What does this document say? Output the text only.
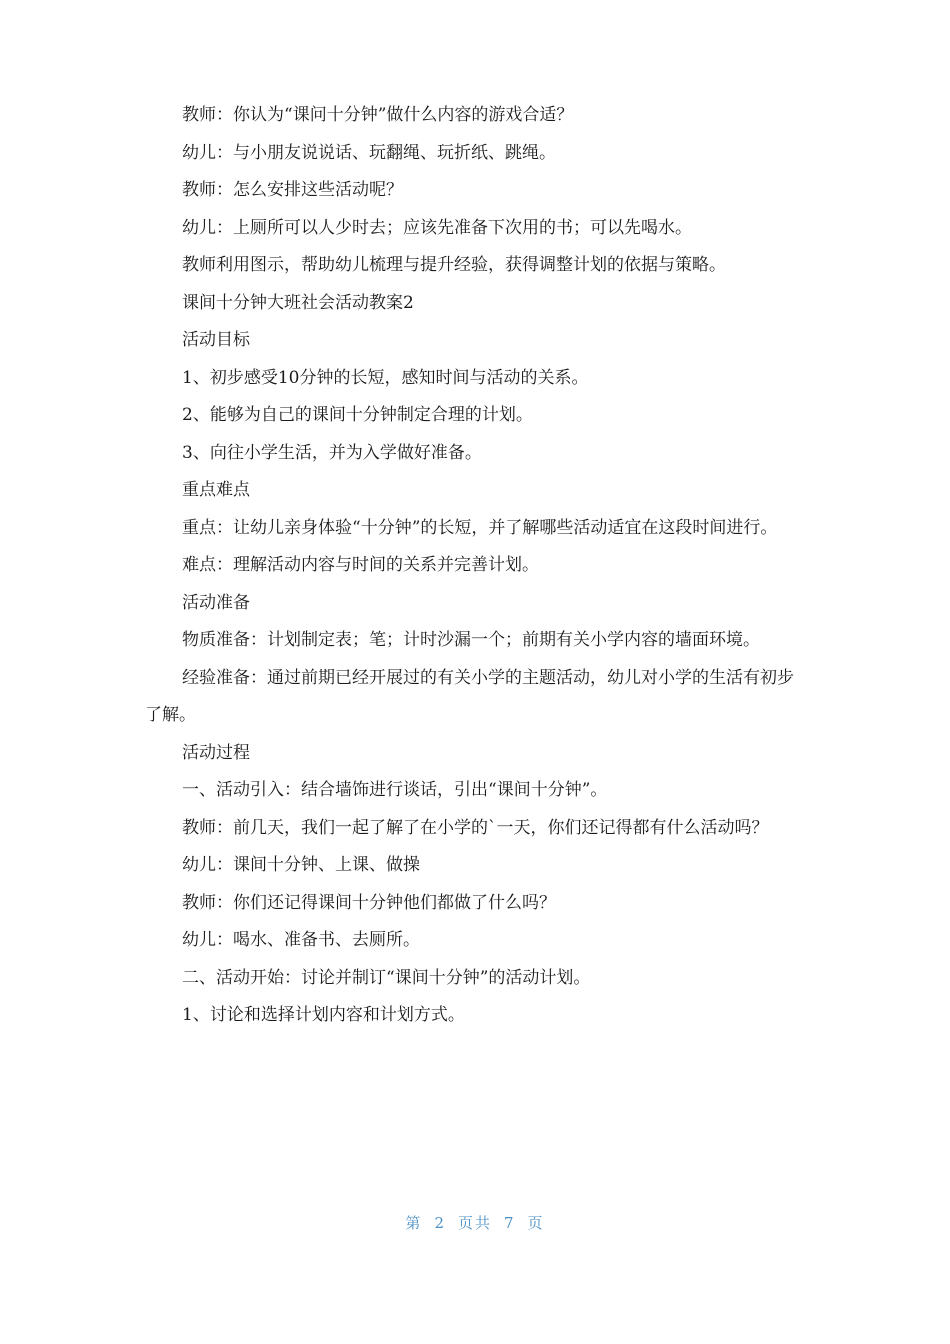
教师：你认为“课问十分钟”做什么内容的游戏合适？

幼儿：与小朋友说说话、玩翻绳、玩折纸、跳绳。

教师：怎么安排这些活动呢？

幼儿：上厕所可以人少时去；应该先准备下次用的书；可以先喝水。

教师利用图示，帮助幼儿梳理与提升经验，获得调整计划的依据与策略。

课间十分钟大班社会活动教案2

活动目标

1、初步感受10分钟的长短，感知时间与活动的关系。

2、能够为自己的课间十分钟制定合理的计划。

3、向往小学生活，并为入学做好准备。

重点难点

重点：让幼儿亲身体验“十分钟”的长短，并了解哪些活动适宜在这段时间进行。

难点：理解活动内容与时间的关系并完善计划。

活动准备

物质准备：计划制定表；笔；计时沙漏一个；前期有关小学内容的墙面环境。

经验准备：通过前期已经开展过的有关小学的主题活动，幼儿对小学的生活有初步了解。

活动过程

一、活动引入：结合墙饰进行谈话，引出“课间十分钟”。

教师：前几天，我们一起了解了在小学的`一天，你们还记得都有什么活动吗？

幼儿：课间十分钟、上课、做操

教师：你们还记得课间十分钟他们都做了什么吗？

幼儿：喝水、准备书、去厕所。

二、活动开始：讨论并制订“课间十分钟”的活动计划。

1、讨论和选择计划内容和计划方式。

第 2 页共 7 页
